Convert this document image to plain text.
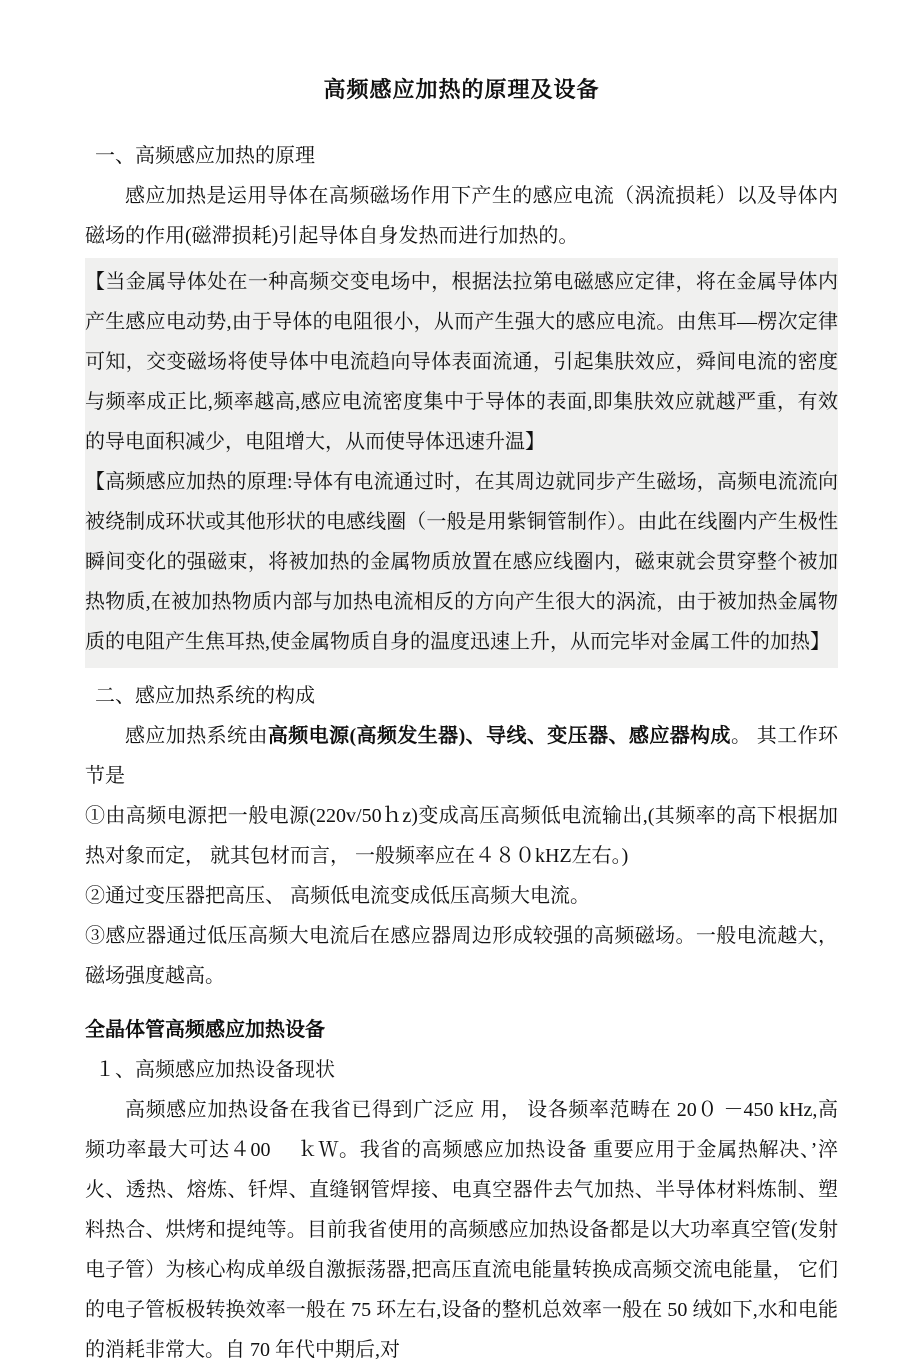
高频感应加热的原理及设备

一、高频感应加热的原理

感应加热是运用导体在高频磁场作用下产生的感应电流（涡流损耗）以及导体内磁场的作用(磁滞损耗)引起导体自身发热而进行加热的。

【当金属导体处在一种高频交变电场中，根据法拉第电磁感应定律，将在金属导体内产生感应电动势,由于导体的电阻很小，从而产生强大的感应电流。由焦耳—楞次定律可知，交变磁场将使导体中电流趋向导体表面流通，引起集肤效应，舜间电流的密度与频率成正比,频率越高,感应电流密度集中于导体的表面,即集肤效应就越严重，有效的导电面积减少，电阻增大，从而使导体迅速升温】

【高频感应加热的原理:导体有电流通过时，在其周边就同步产生磁场，高频电流流向被绕制成环状或其他形状的电感线圈（一般是用紫铜管制作）。由此在线圈内产生极性瞬间变化的强磁束，将被加热的金属物质放置在感应线圈内，磁束就会贯穿整个被加热物质,在被加热物质内部与加热电流相反的方向产生很大的涡流，由于被加热金属物质的电阻产生焦耳热,使金属物质自身的温度迅速上升，从而完毕对金属工件的加热】

二、感应加热系统的构成

感应加热系统由高频电源(高频发生器)、导线、变压器、感应器构成。 其工作环节是

①由高频电源把一般电源(220v/50ｈz)变成高压高频低电流输出,(其频率的高下根据加热对象而定， 就其包材而言， 一般频率应在４８０kHZ左右。)

②通过变压器把高压、 高频低电流变成低压高频大电流。

③感应器通过低压高频大电流后在感应器周边形成较强的高频磁场。一般电流越大，磁场强度越高。

全晶体管高频感应加热设备

１、高频感应加热设备现状

高频感应加热设备在我省已得到广泛应 用， 设各频率范畴在 20０ －450 kHz,高频功率最大可达４00　 ｋＷ。我省的高频感应加热设备 重要应用于金属热解决、’淬火、透热、熔炼、钎焊、直缝钢管焊接、电真空器件去气加热、半导体材料炼制、塑料热合、烘烤和提纯等。目前我省使用的高频感应加热设备都是以大功率真空管(发射电子管）为核心构成单级自激振荡器,把高压直流电能量转换成高频交流电能量， 它们的电子管板极转换效率一般在 75 环左右,设备的整机总效率一般在 50 绒如下,水和电能的消耗非常大。自 70 年代中期后,对
